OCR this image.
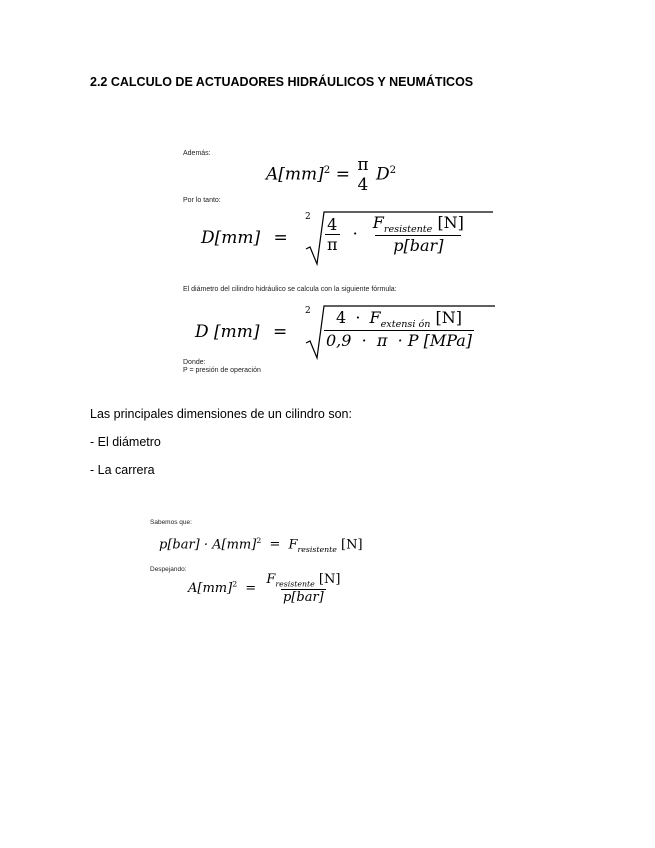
2.2 CALCULO DE ACTUADORES HIDRÁULICOS Y NEUMÁTICOS
Además:
A[mm]$^2$ = π
4
$D^2$
Por lo tanto:
D[mm] =
$2 \frac{4}{\pi} \cdot \frac{F_{resistente} [N]}{\text{p[bar]}}$
El diámetro del cilindro hidráulico se calcula con la siguiente fórmula:
D [mm] =
$2 \frac{4 \cdot F_{extensi ón} [N]}{\text{0,9  ·  π  · P [MPa]}}$
Donde:
P = presión de operación
Las principales dimensiones de un cilindro son:
- El diámetro
- La carrera
Sabemos que:
$p[bar] \cdot A[mm]^2 = F_{resistente}$ [N]
Despejando:
$A[mm]^2 = \frac{F_{resistente} [N]}{\text{p[bar]}}$
